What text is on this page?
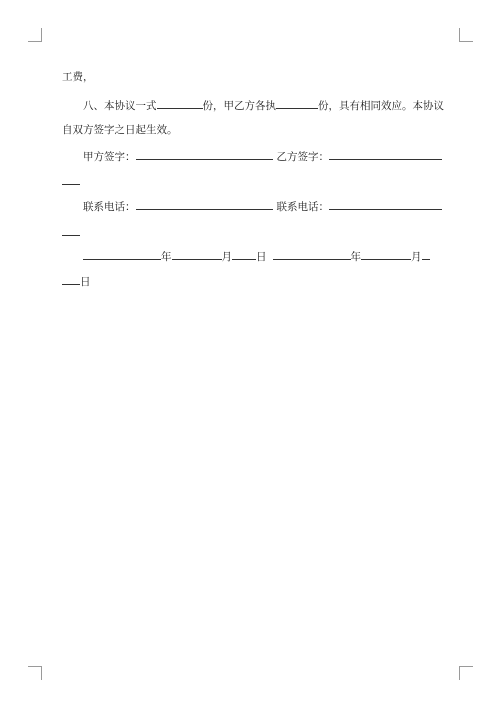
工费，
八、本协议一式	份，甲乙方各执	份，具有相同效应。本协议
自双方签字之日起生效。
甲方签字：	乙方签字：
联系电话：	联系电话：
年	月 日	年	月
日
